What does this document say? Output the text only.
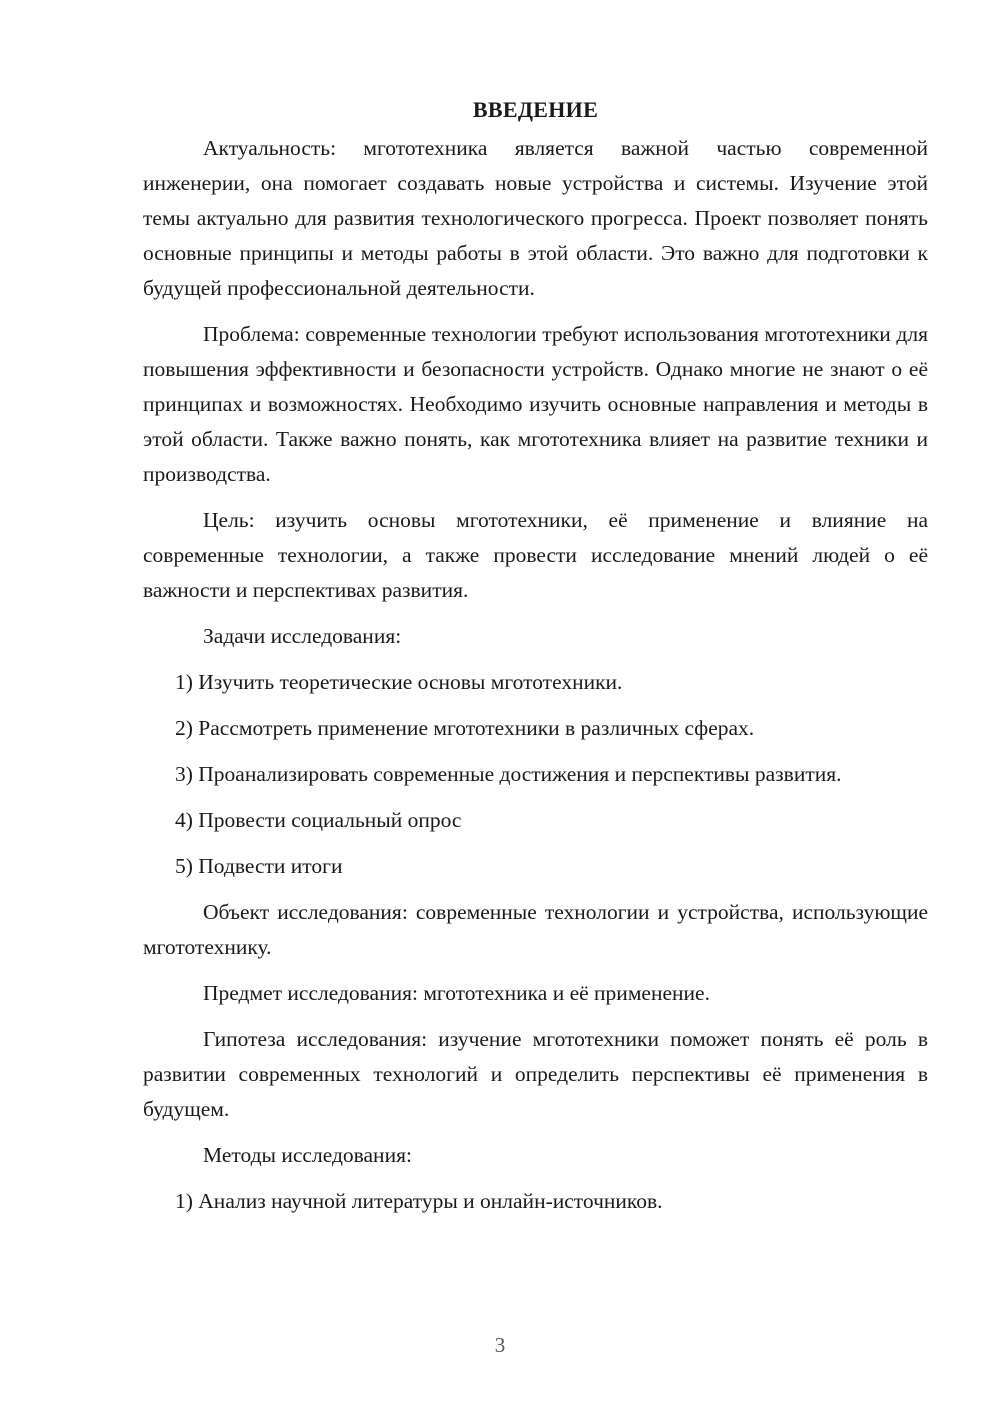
ВВЕДЕНИЕ

Актуальность: мгототехника является важной частью современной инженерии, она помогает создавать новые устройства и системы. Изучение этой темы актуально для развития технологического прогресса. Проект позволяет понять основные принципы и методы работы в этой области. Это важно для подготовки к будущей профессиональной деятельности.

Проблема: современные технологии требуют использования мгототехники для повышения эффективности и безопасности устройств. Однако многие не знают о её принципах и возможностях. Необходимо изучить основные направления и методы в этой области. Также важно понять, как мгототехника влияет на развитие техники и производства.

Цель: изучить основы мгототехники, её применение и влияние на современные технологии, а также провести исследование мнений людей о её важности и перспективах развития.

Задачи исследования:

1) Изучить теоретические основы мгототехники.

2) Рассмотреть применение мгототехники в различных сферах.

3) Проанализировать современные достижения и перспективы развития.

4) Провести социальный опрос

5) Подвести итоги

Объект исследования: современные технологии и устройства, использующие мгототехнику.

Предмет исследования: мгототехника и её применение.

Гипотеза исследования: изучение мгототехники поможет понять её роль в развитии современных технологий и определить перспективы её применения в будущем.

Методы исследования:

1) Анализ научной литературы и онлайн-источников.

3
